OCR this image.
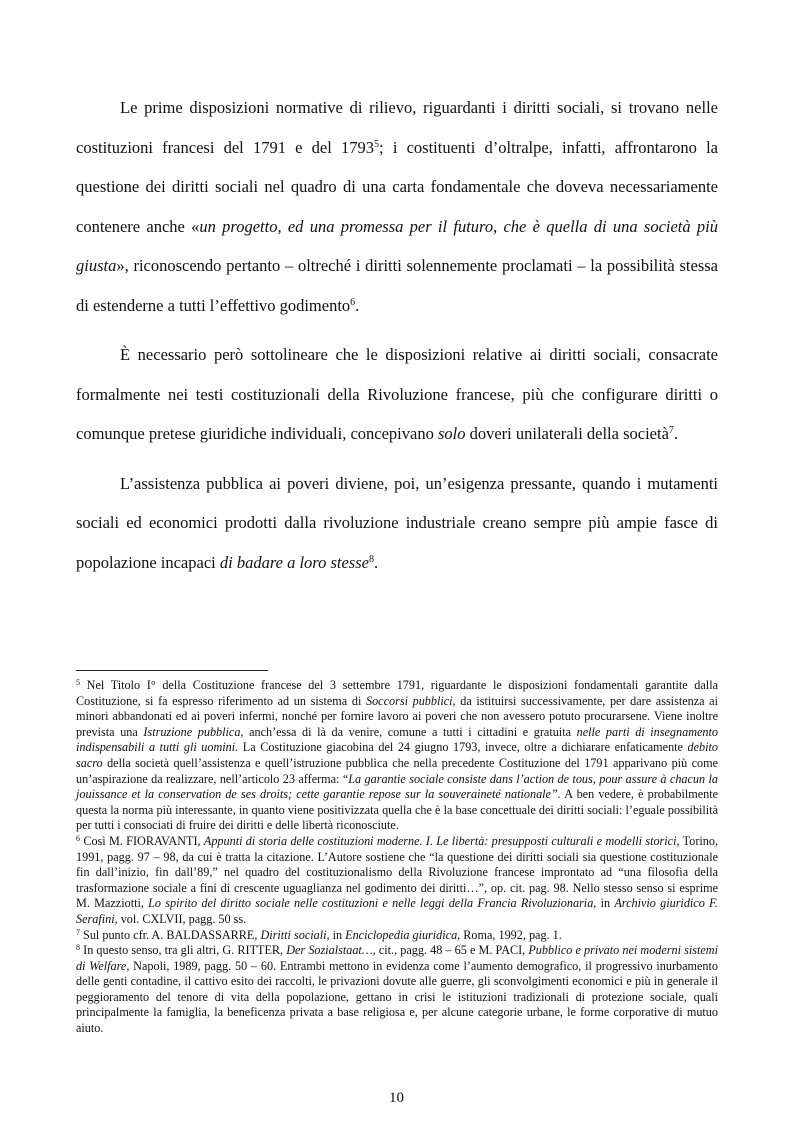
Le prime disposizioni normative di rilievo, riguardanti i diritti sociali, si trovano nelle costituzioni francesi del 1791 e del 1793$^5$; i costituenti d’oltralpe, infatti, affrontarono la questione dei diritti sociali nel quadro di una carta fondamentale che doveva necessariamente contenere anche «un progetto, ed una promessa per il futuro, che è quella di una società più giusta», riconoscendo pertanto – oltreché i diritti solennemente proclamati – la possibilità stessa di estenderne a tutti l’effettivo godimento$^6$.

È necessario però sottolineare che le disposizioni relative ai diritti sociali, consacrate formalmente nei testi costituzionali della Rivoluzione francese, più che configurare diritti o comunque pretese giuridiche individuali, concepivano solo doveri unilaterali della società$^7$.

L’assistenza pubblica ai poveri diviene, poi, un’esigenza pressante, quando i mutamenti sociali ed economici prodotti dalla rivoluzione industriale creano sempre più ampie fasce di popolazione incapaci di badare a loro stesse$^8$.

$^5$ Nel Titolo I° della Costituzione francese del 3 settembre 1791, riguardante le disposizioni fondamentali garantite dalla Costituzione, si fa espresso riferimento ad un sistema di Soccorsi pubblici, da istituirsi successivamente, per dare assistenza ai minori abbandonati ed ai poveri infermi, nonché per fornire lavoro ai poveri che non avessero potuto procurarsene. Viene inoltre prevista una Istruzione pubblica, anch’essa di là da venire, comune a tutti i cittadini e gratuita nelle parti di insegnamento indispensabili a tutti gli uomini. La Costituzione giacobina del 24 giugno 1793, invece, oltre a dichiarare enfaticamente debito sacro della società quell’assistenza e quell’istruzione pubblica che nella precedente Costituzione del 1791 apparivano più come un’aspirazione da realizzare, nell’articolo 23 afferma: “La garantie sociale consiste dans l’action de tous, pour assure à chacun la jouissance et la conservation de ses droits; cette garantie repose sur la souveraineté nationale”. A ben vedere, è probabilmente questa la norma più interessante, in quanto viene positivizzata quella che è la base concettuale dei diritti sociali: l’eguale possibilità per tutti i consociati di fruire dei diritti e delle libertà riconosciute.

$^6$ Così M. FIORAVANTI, Appunti di storia delle costituzioni moderne. I. Le libertà: presupposti culturali e modelli storici, Torino, 1991, pagg. 97 – 98, da cui è tratta la citazione. L’Autore sostiene che “la questione dei diritti sociali sia questione costituzionale fin dall’inizio, fin dall’89,” nel quadro del costituzionalismo della Rivoluzione francese improntato ad “una filosofia della trasformazione sociale a fini di crescente uguaglianza nel godimento dei diritti…”, op. cit. pag. 98. Nello stesso senso si esprime M. Mazziotti, Lo spirito del diritto sociale nelle costituzioni e nelle leggi della Francia Rivoluzionaria, in Archivio giuridico F. Serafini, vol. CXLVII, pagg. 50 ss.

$^7$ Sul punto cfr. A. BALDASSARRE, Diritti sociali, in Enciclopedia giuridica, Roma, 1992, pag. 1.

$^8$ In questo senso, tra gli altri, G. RITTER, Der Sozialstaat…, cit., pagg. 48 – 65 e M. PACI, Pubblico e privato nei moderni sistemi di Welfare, Napoli, 1989, pagg. 50 – 60. Entrambi mettono in evidenza come l’aumento demografico, il progressivo inurbamento delle genti contadine, il cattivo esito dei raccolti, le privazioni dovute alle guerre, gli sconvolgimenti economici e più in generale il peggioramento del tenore di vita della popolazione, gettano in crisi le istituzioni tradizionali di protezione sociale, quali principalmente la famiglia, la beneficenza privata a base religiosa e, per alcune categorie urbane, le forme corporative di mutuo aiuto.

10
